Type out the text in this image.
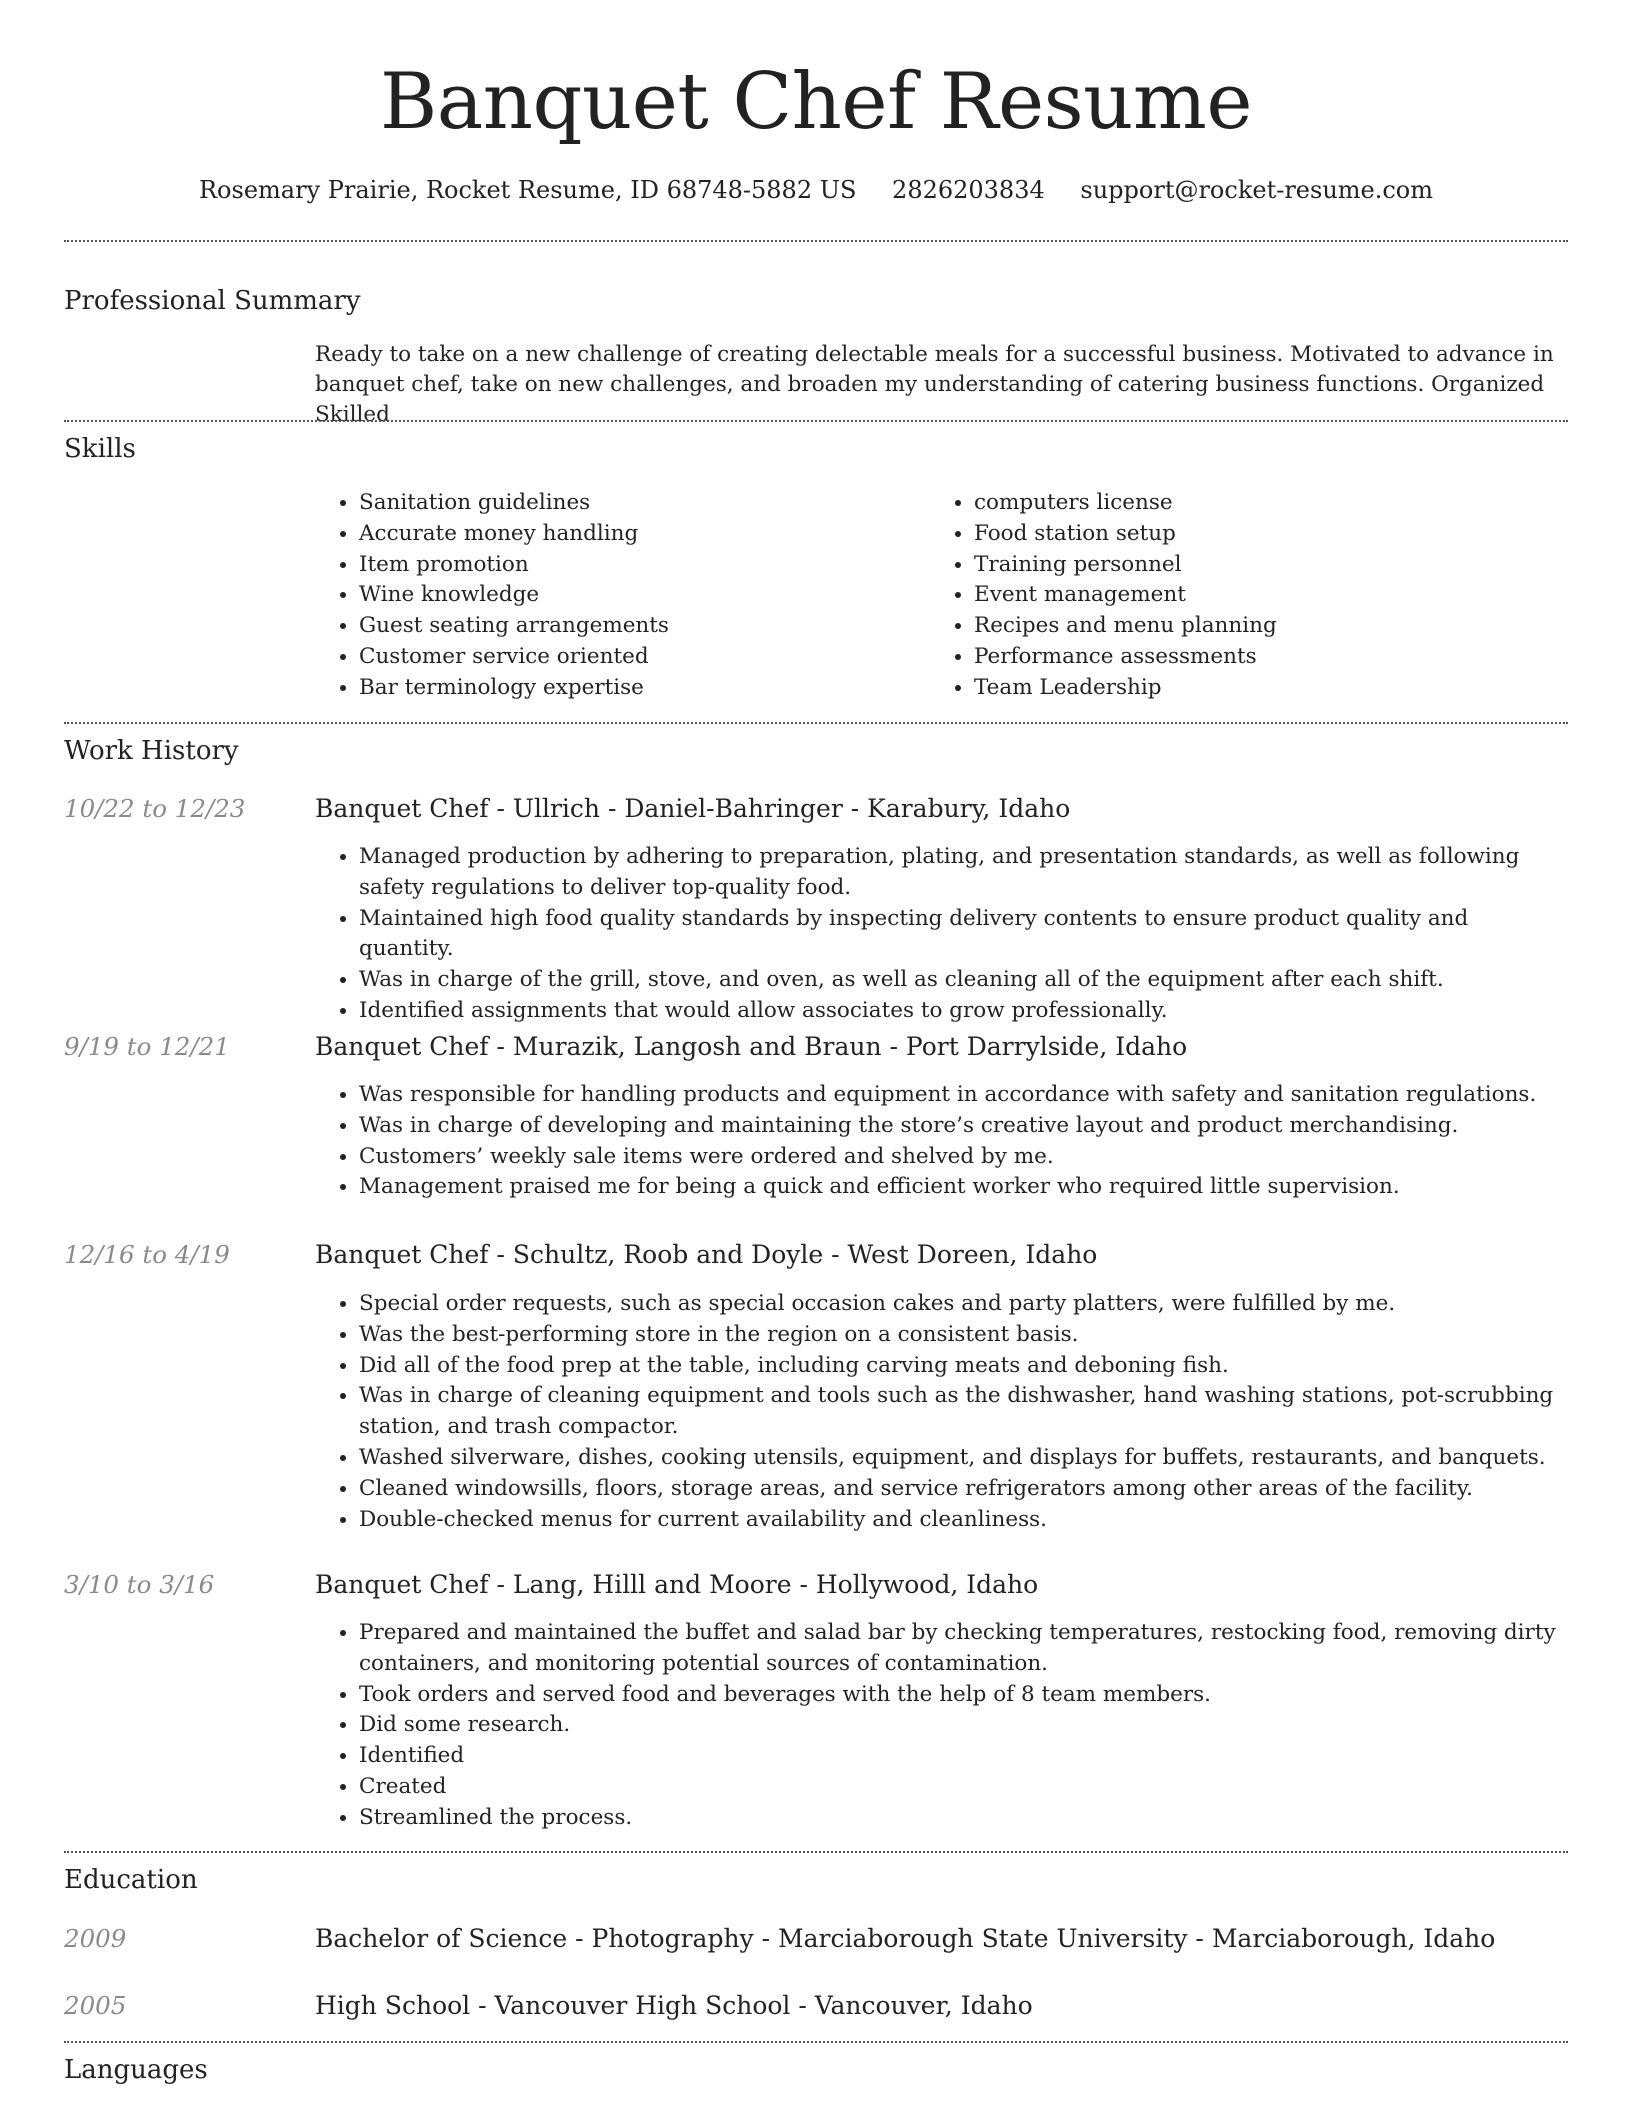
Banquet Chef Resume
Rosemary Prairie, Rocket Resume, ID 68748-5882 US 2826203834 support@rocket-resume.com
Professional Summary
Ready to take on a new challenge of creating delectable meals for a successful business. Motivated to advance in banquet chef, take on new challenges, and broaden my understanding of catering business functions. Organized Skilled
Skills
• Sanitation guidelines
• Accurate money handling
• Item promotion
• Wine knowledge
• Guest seating arrangements
• Customer service oriented
• Bar terminology expertise
• computers license
• Food station setup
• Training personnel
• Event management
• Recipes and menu planning
• Performance assessments
• Team Leadership
Work History
10/22 to 12/23	Banquet Chef - Ullrich - Daniel-Bahringer - Karabury, Idaho
• Managed production by adhering to preparation, plating, and presentation standards, as well as following safety regulations to deliver top-quality food.
• Maintained high food quality standards by inspecting delivery contents to ensure product quality and quantity.
• Was in charge of the grill, stove, and oven, as well as cleaning all of the equipment after each shift.
• Identified assignments that would allow associates to grow professionally.
9/19 to 12/21	Banquet Chef - Murazik, Langosh and Braun - Port Darrylside, Idaho
• Was responsible for handling products and equipment in accordance with safety and sanitation regulations.
• Was in charge of developing and maintaining the store’s creative layout and product merchandising.
• Customers’ weekly sale items were ordered and shelved by me.
• Management praised me for being a quick and efficient worker who required little supervision.
12/16 to 4/19	Banquet Chef - Schultz, Roob and Doyle - West Doreen, Idaho
• Special order requests, such as special occasion cakes and party platters, were fulfilled by me.
• Was the best-performing store in the region on a consistent basis.
• Did all of the food prep at the table, including carving meats and deboning fish.
• Was in charge of cleaning equipment and tools such as the dishwasher, hand washing stations, pot-scrubbing station, and trash compactor.
• Washed silverware, dishes, cooking utensils, equipment, and displays for buffets, restaurants, and banquets.
• Cleaned windowsills, floors, storage areas, and service refrigerators among other areas of the facility.
• Double-checked menus for current availability and cleanliness.
3/10 to 3/16	Banquet Chef - Lang, Hilll and Moore - Hollywood, Idaho
• Prepared and maintained the buffet and salad bar by checking temperatures, restocking food, removing dirty containers, and monitoring potential sources of contamination.
• Took orders and served food and beverages with the help of 8 team members.
• Did some research.
• Identified
• Created
• Streamlined the process.
Education
2009	Bachelor of Science - Photography - Marciaborough State University - Marciaborough, Idaho
2005	High School - Vancouver High School - Vancouver, Idaho
Languages
